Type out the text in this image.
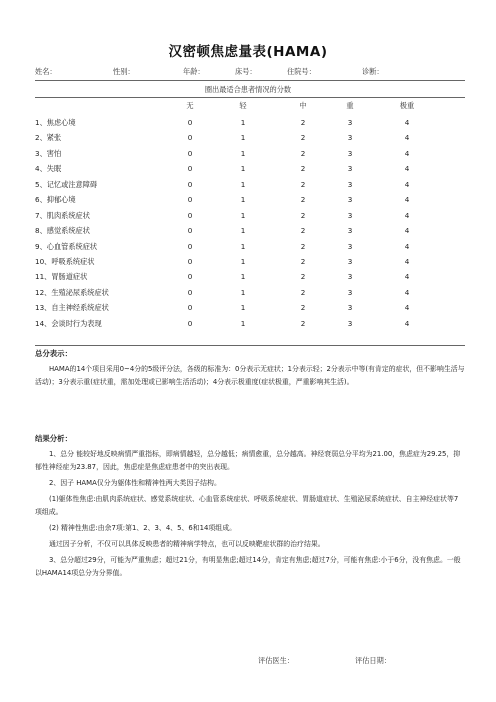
汉密顿焦虑量表(HAMA)
姓名：	性别：	年龄：	床号：	住院号：	诊断：
圈出最适合患者情况的分数
无	轻	中	重	极重
1、焦虑心境	0	1	2	3	4
2、紧张	0	1	2	3	4
3、害怕	0	1	2	3	4
4、失眠	0	1	2	3	4
5、记忆或注意障碍	0	1	2	3	4
6、抑郁心境	0	1	2	3	4
7、肌肉系统症状	0	1	2	3	4
8、感觉系统症状	0	1	2	3	4
9、心血管系统症状	0	1	2	3	4
10、呼吸系统症状	0	1	2	3	4
11、胃肠道症状	0	1	2	3	4
12、生殖泌尿系统症状	0	1	2	3	4
13、自主神经系统症状	0	1	2	3	4
14、会谈时行为表现	0	1	2	3	4
总分表示：
HAMA的14个项目采用0~4分的5级评分法，各级的标准为：0分表示无症状；1分表示轻；2分表示中等(有肯定的症状，但不影响生活与活动)；3分表示重(症状重，需加处理或已影响生活活动)；4分表示极重度(症状极重，严重影响其生活)。
结果分析：
1、总分 能较好地反映病情严重指标，即病情越轻，总分越低；病情愈重，总分越高。神经衰弱总分平均为21.00，焦虑症为29.25，抑郁性神经症为23.87，因此，焦虑症是焦虑症患者中的突出表现。
2、因子 HAMA仅分为躯体性和精神性两大类因子结构。
(1)躯体性焦虑:由肌肉系统症状、感觉系统症状、心血管系统症状、呼吸系统症状、胃肠道症状、生殖泌尿系统症状、自主神经症状等7项组成。
(2) 精神性焦虑:由余7项:第1、2、3、4、5、6和14项组成。
通过因子分析，不仅可以具体反映患者的精神病学特点，也可以反映靶症状群的治疗结果。
3、总分超过29分，可能为严重焦虑；超过21分，有明显焦虑;超过14分，肯定有焦虑;超过7分，可能有焦虑:小于6分，没有焦虑。一般以HAMA14项总分为分界值。
评估医生：	评估日期：
